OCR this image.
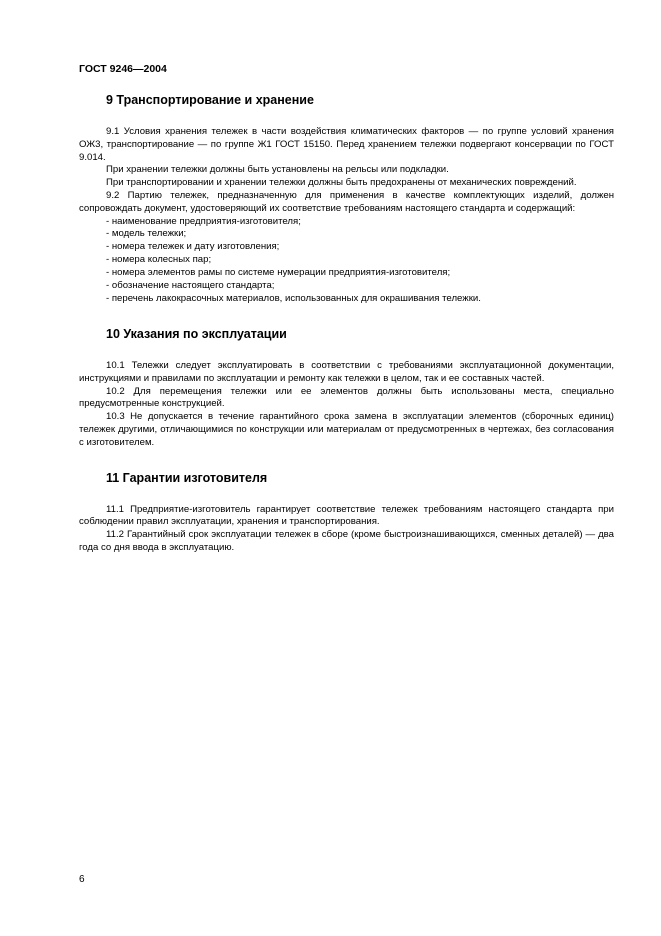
ГОСТ 9246—2004
9 Транспортирование и хранение

9.1 Условия хранения тележек в части воздействия климатических факторов — по группе условий хранения ОЖ3, транспортирование — по группе Ж1 ГОСТ 15150. Перед хранением тележки подвергают консервации по ГОСТ 9.014.

При хранении тележки должны быть установлены на рельсы или подкладки.

При транспортировании и хранении тележки должны быть предохранены от механических повреждений.

9.2 Партию тележек, предназначенную для применения в качестве комплектующих изделий, должен сопровождать документ, удостоверяющий их соответствие требованиям настоящего стандарта и содержащий:

- наименование предприятия-изготовителя;
- модель тележки;
- номера тележек и дату изготовления;
- номера колесных пар;
- номера элементов рамы по системе нумерации предприятия-изготовителя;
- обозначение настоящего стандарта;
- перечень лакокрасочных материалов, использованных для окрашивания тележки.
10 Указания по эксплуатации

10.1 Тележки следует эксплуатировать в соответствии с требованиями эксплуатационной документации, инструкциями и правилами по эксплуатации и ремонту как тележки в целом, так и ее составных частей.

10.2 Для перемещения тележки или ее элементов должны быть использованы места, специально предусмотренные конструкцией.

10.3 Не допускается в течение гарантийного срока замена в эксплуатации элементов (сборочных единиц) тележек другими, отличающимися по конструкции или материалам от предусмотренных в чертежах, без согласования с изготовителем.

11 Гарантии изготовителя

11.1 Предприятие-изготовитель гарантирует соответствие тележек требованиям настоящего стандарта при соблюдении правил эксплуатации, хранения и транспортирования.

11.2 Гарантийный срок эксплуатации тележек в сборе (кроме быстроизнашивающихся, сменных деталей) — два года со дня ввода в эксплуатацию.

6
